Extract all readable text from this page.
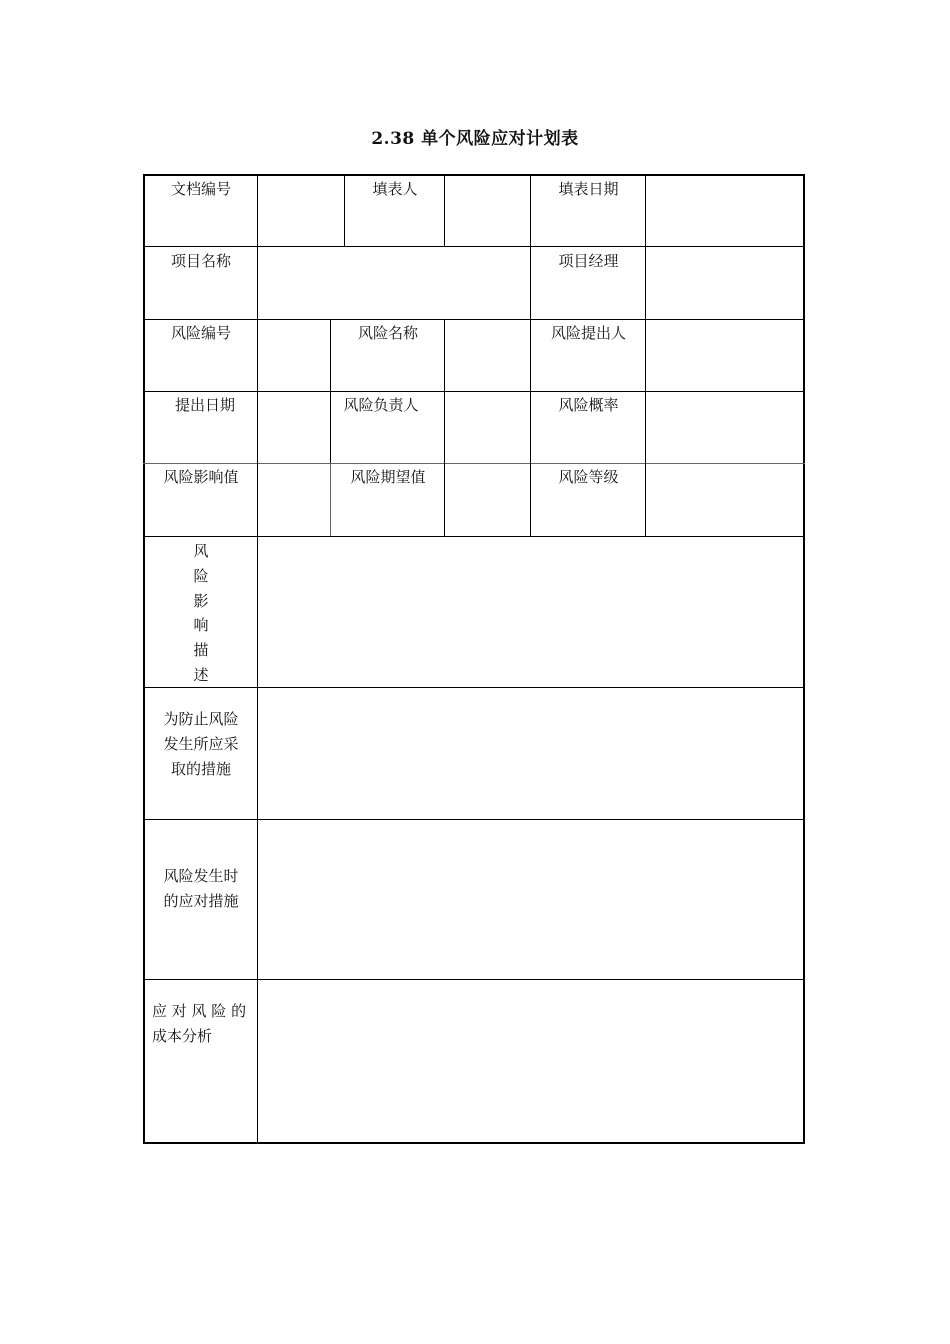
2.38 单个风险应对计划表
文档编号	填表人	填表日期
项目名称	项目经理
风险编号	风险名称	风险提出人
提出日期	风险负责人	风险概率
风险影响值	风险期望值	风险等级
风
险
影
响
描
述
为防止风险
发生所应采
取的措施
风险发生时
的应对措施
应 对 风 险 的
成本分析
